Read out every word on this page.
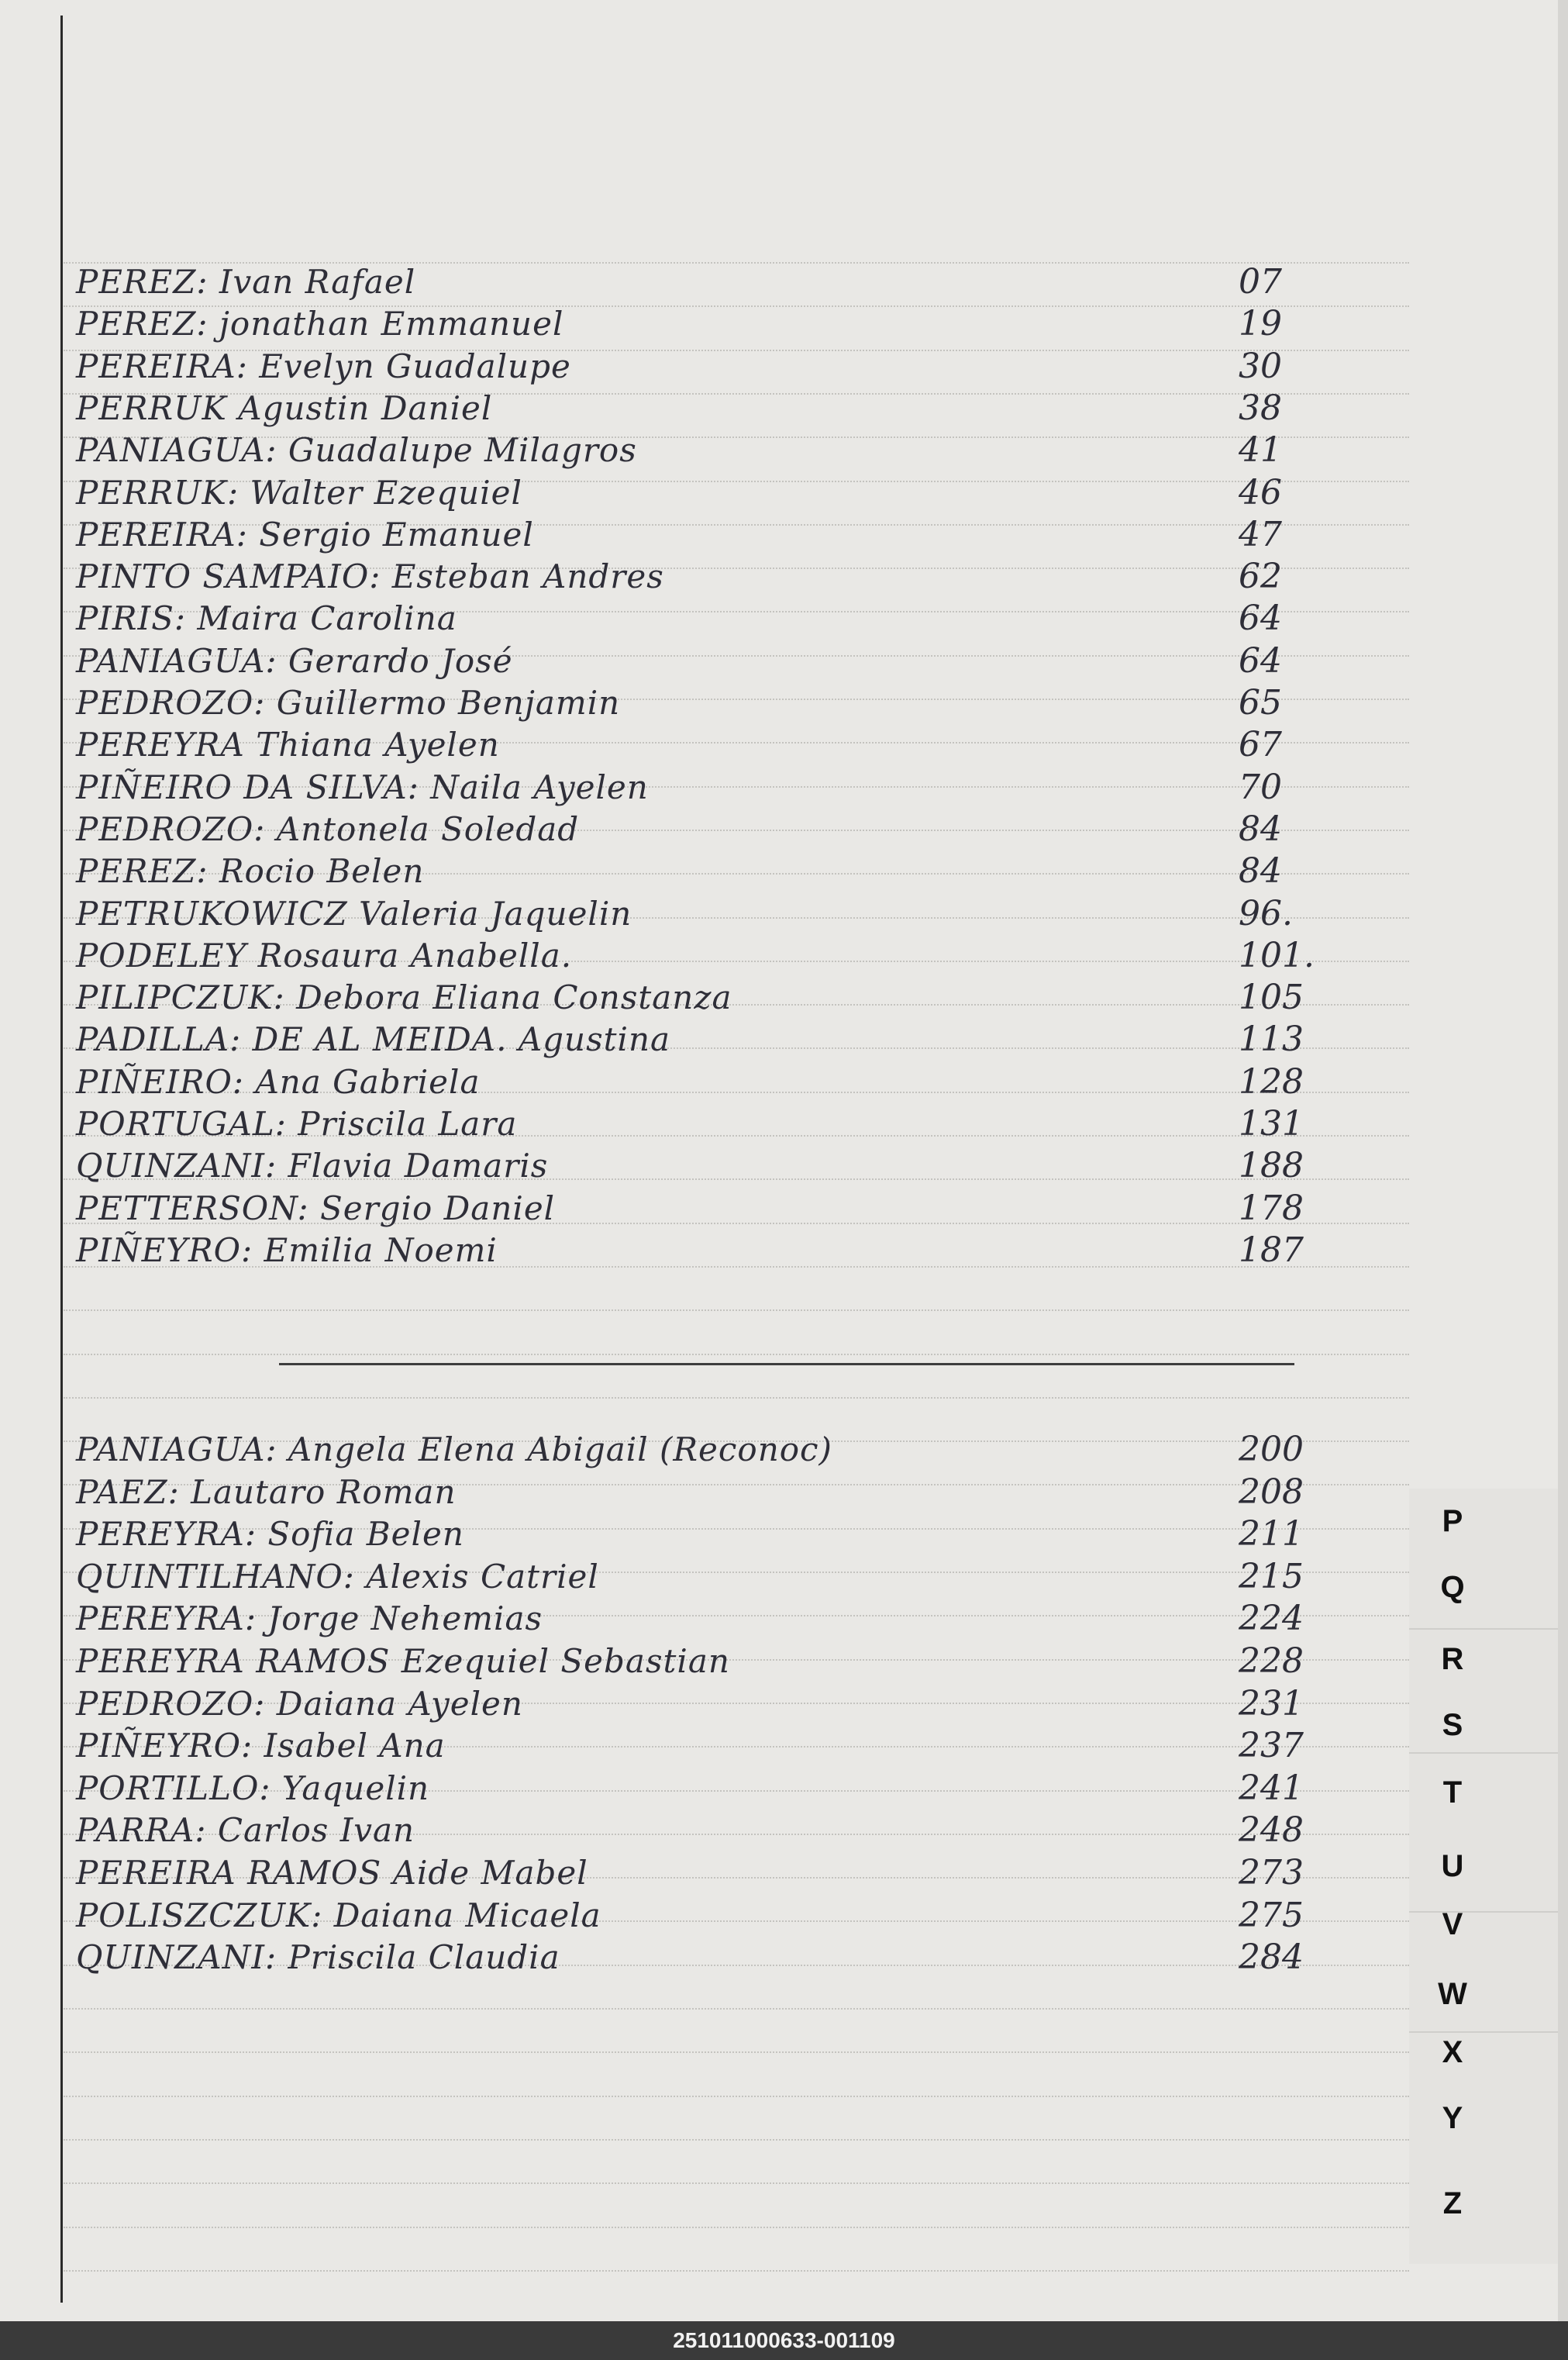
PEREZ: Ivan Rafael	07
PEREZ: jonathan Emmanuel	19
PEREIRA: Evelyn Guadalupe	30
PERRUK Agustin Daniel	38
PANIAGUA: Guadalupe Milagros	41
PERRUK: Walter Ezequiel	46
PEREIRA: Sergio Emanuel	47
PINTO SAMPAIO: Esteban Andres	62
PIRIS: Maira Carolina	64
PANIAGUA: Gerardo José	64
PEDROZO: Guillermo Benjamin	65
PEREYRA Thiana Ayelen	67
PIÑEIRO DA SILVA: Naila Ayelen	70
PEDROZO: Antonela Soledad	84
PEREZ: Rocio Belen	84
PETRUKOWICZ Valeria Jaquelin	96.
PODELEY Rosaura Anabella.	101.
PILIPCZUK: Debora Eliana Constanza	105
PADILLA: DE AL MEIDA. Agustina	113
PIÑEIRO: Ana Gabriela	128
PORTUGAL: Priscila Lara	131
QUINZANI: Flavia Damaris	188
PETTERSON: Sergio Daniel	178
PIÑEYRO: Emilia Noemi	187
PANIAGUA: Angela Elena Abigail (Reconoc)	200
PAEZ: Lautaro Roman	208
PEREYRA: Sofia Belen	211
QUINTILHANO: Alexis Catriel	215
PEREYRA: Jorge Nehemias	224
PEREYRA RAMOS Ezequiel Sebastian	228
PEDROZO: Daiana Ayelen	231
PIÑEYRO: Isabel Ana	237
PORTILLO: Yaquelin	241
PARRA: Carlos Ivan	248
PEREIRA RAMOS Aide Mabel	273
POLISZCZUK: Daiana Micaela	275
QUINZANI: Priscila Claudia	284
P
Q
R
S
T
U
V
W
X
Y
Z
251011000633-001109
